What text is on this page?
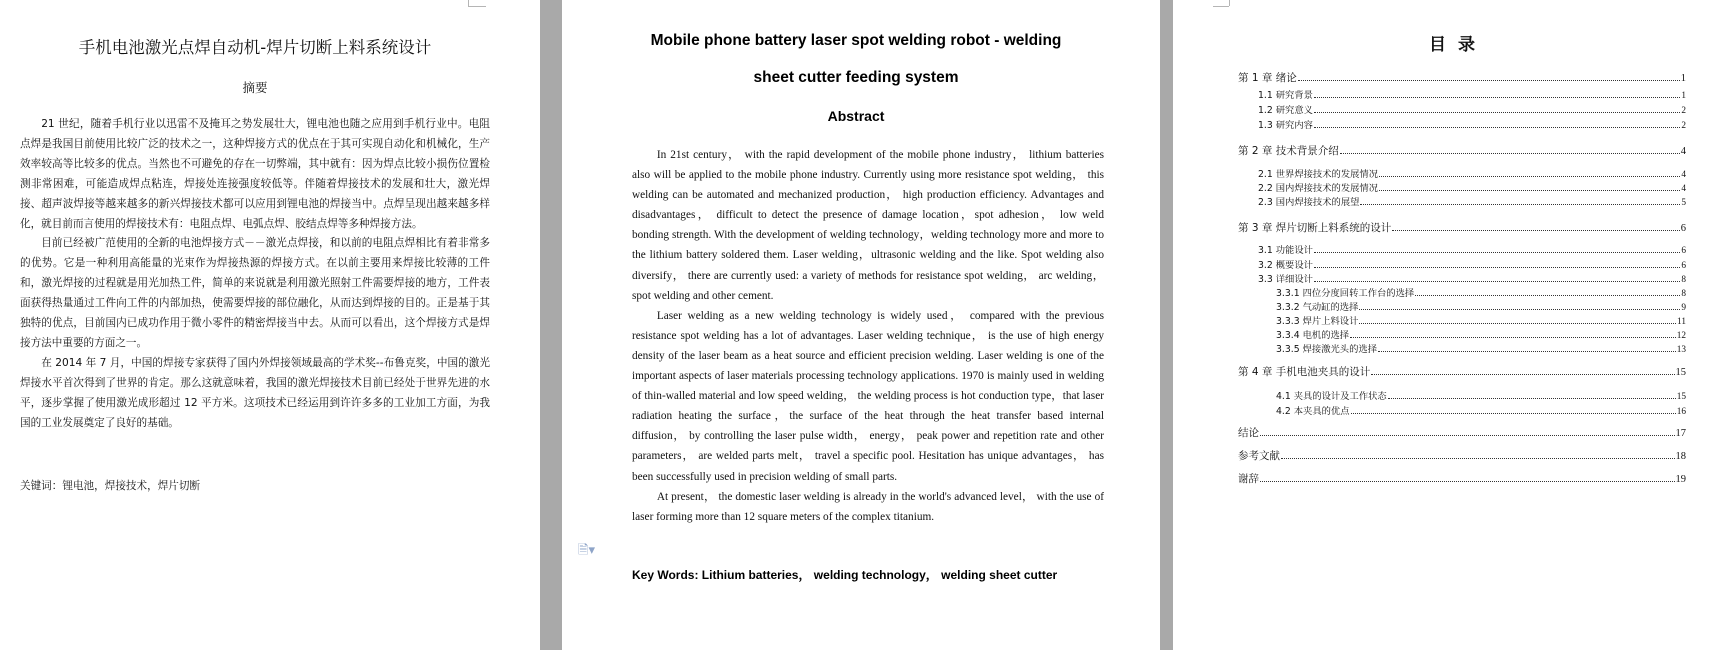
手机电池激光点焊自动机-焊片切断上料系统设计
摘要

21 世纪，随着手机行业以迅雷不及掩耳之势发展壮大，锂电池也随之应用到手机行业中。电阻点焊是我国目前使用比较广泛的技术之一，这种焊接方式的优点在于其可实现自动化和机械化，生产效率较高等比较多的优点。当然也不可避免的存在一切弊端，其中就有：因为焊点比较小损伤位置检测非常困难，可能造成焊点粘连，焊接处连接强度较低等。伴随着焊接技术的发展和壮大，激光焊接、超声波焊接等越来越多的新兴焊接技术都可以应用到锂电池的焊接当中。点焊呈现出越来越多样化，就目前而言使用的焊接技术有：电阻点焊、电弧点焊、胶结点焊等多种焊接方法。

目前已经被广范使用的全新的电池焊接方式－－激光点焊接，和以前的电阻点焊相比有着非常多的优势。它是一种利用高能量的光束作为焊接热源的焊接方式。在以前主要用来焊接比较薄的工件和，激光焊接的过程就是用光加热工件，简单的来说就是利用激光照射工件需要焊接的地方，工件表面获得热量通过工件向工件的内部加热，使需要焊接的部位融化，从而达到焊接的目的。正是基于其独特的优点，目前国内已成功作用于微小零件的精密焊接当中去。从而可以看出，这个焊接方式是焊接方法中重要的方面之一。

在 2014 年 7 月，中国的焊接专家获得了国内外焊接领域最高的学术奖--布鲁克奖，中国的激光焊接水平首次得到了世界的肯定。那么这就意味着，我国的激光焊接技术目前已经处于世界先进的水平，逐步掌握了使用激光成形超过 12 平方米。这项技术已经运用到许许多多的工业加工方面，为我国的工业发展奠定了良好的基础。

关键词：锂电池，焊接技术，焊片切断
Mobile phone battery laser spot welding robot - welding
sheet cutter feeding system
Abstract

In 21st century， with the rapid development of the mobile phone industry， lithium batteries also will be applied to the mobile phone industry. Currently using more resistance spot welding， this welding can be automated and mechanized production， high production efficiency. Advantages and disadvantages， difficult to detect the presence of damage location，spot adhesion， low weld bonding strength. With the development of welding technology，welding technology more and more to the lithium battery soldered them. Laser welding，ultrasonic welding and the like. Spot welding also diversify， there are currently used: a variety of methods for resistance spot welding， arc welding， spot welding and other cement.

Laser welding as a new welding technology is widely used， compared with the previous resistance spot welding has a lot of advantages. Laser welding technique， is the use of high energy density of the laser beam as a heat source and efficient precision welding. Laser welding is one of the important aspects of laser materials processing technology applications. 1970 is mainly used in welding of thin-walled material and low speed welding， the welding process is hot conduction type，that laser radiation heating the surface，the surface of the heat through the heat transfer based internal diffusion， by controlling the laser pulse width， energy， peak power and repetition rate and other parameters， are welded parts melt， travel a specific pool. Hesitation has unique advantages， has been successfully used in precision welding of small parts.

At present， the domestic laser welding is already in the world's advanced level， with the use of laser forming more than 12 square meters of the complex titanium.

🗎▾
Key Words: Lithium batteries， welding technology， welding sheet cutter
目 录
第 1 章 绪论	1
1.1 研究背景	1
1.2 研究意义	2
1.3 研究内容	2
第 2 章 技术背景介绍	4
2.1 世界焊接技术的发展情况	4
2.2 国内焊接技术的发展情况	4
2.3 国内焊接技术的展望	5
第 3 章 焊片切断上料系统的设计	6
3.1 功能设计	6
3.2 概要设计	6
3.3 详细设计	8
3.3.1 四位分度回转工作台的选择	8
3.3.2 气动缸的选择	9
3.3.3 焊片上料设计	11
3.3.4 电机的选择	12
3.3.5 焊接激光头的选择	13
第 4 章 手机电池夹具的设计	15
4.1 夹具的设计及工作状态	15
4.2 本夹具的优点	16
结论	17
参考文献	18
谢辞	19
